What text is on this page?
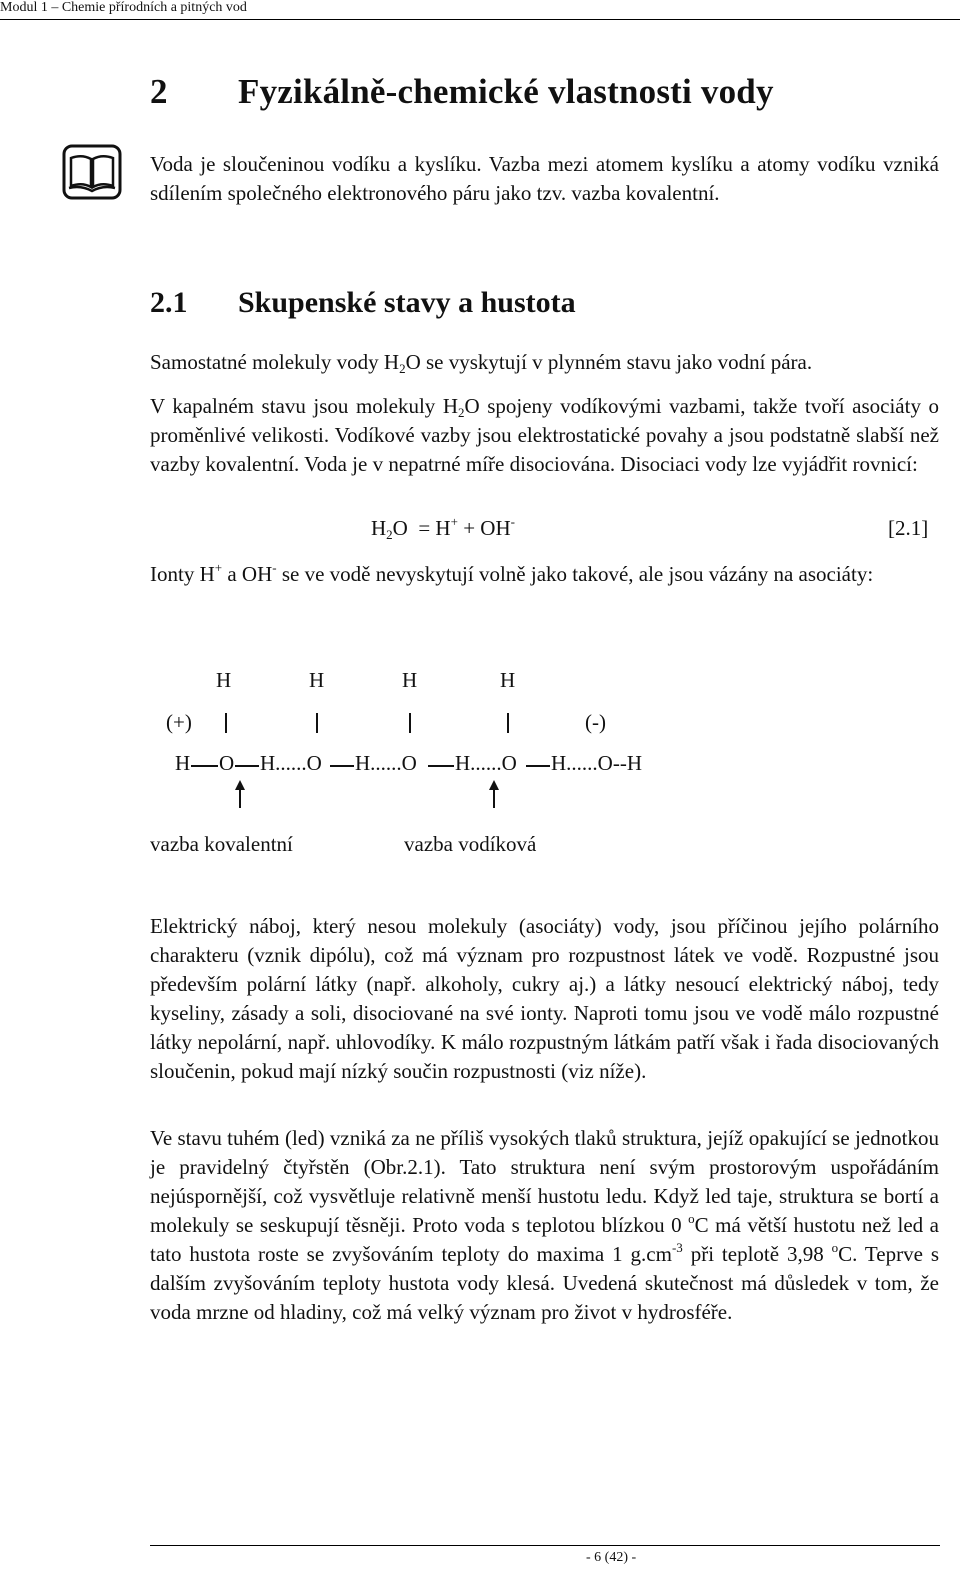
Modul 1 – Chemie přírodních a pitných vod
2 Fyzikálně-chemické vlastnosti vody
Voda je sloučeninou vodíku a kyslíku. Vazba mezi atomem kyslíku a atomy vodíku vzniká sdílením společného elektronového páru jako tzv. vazba kovalentní.
2.1 Skupenské stavy a hustota
Samostatné molekuly vody $H_2O$ se vyskytují v plynném stavu jako vodní pára.
V kapalném stavu jsou molekuly $H_2O$ spojeny vodíkovými vazbami, takže tvoří asociáty o proměnlivé velikosti. Vodíkové vazby jsou elektrostatické povahy a jsou podstatně slabší než vazby kovalentní. Voda je v nepatrné míře disociována. Disociaci vody lze vyjádřit rovnicí:
$H_2O = H^+ + OH^-$	[2.1]
Ionty H+ a OH- se ve vodě nevyskytují volně jako takové, ale jsou vázány na asociáty:
H	H	H	H
(+)	(-)
H O H......O H......O H......O H......O--H
vazba kovalentní	vazba vodíková
Elektrický náboj, který nesou molekuly (asociáty) vody, jsou příčinou jejího polárního charakteru (vznik dipólu), což má význam pro rozpustnost látek ve vodě. Rozpustné jsou především polární látky (např. alkoholy, cukry aj.) a látky nesoucí elektrický náboj, tedy kyseliny, zásady a soli, disociované na své ionty. Naproti tomu jsou ve vodě málo rozpustné látky nepolární, např. uhlovodíky. K málo rozpustným látkám patří však i řada disociovaných sloučenin, pokud mají nízký součin rozpustnosti (viz níže).
Ve stavu tuhém (led) vzniká za ne příliš vysokých tlaků struktura, jejíž opakující se jednotkou je pravidelný čtyřstěn (Obr.2.1). Tato struktura není svým prostorovým uspořádáním nejúspornější, což vysvětluje relativně menší hustotu ledu. Když led taje, struktura se bortí a molekuly se seskupují těsněji. Proto voda s teplotou blízkou 0 $^o$C má větší hustotu než led a tato hustota roste se zvyšováním teploty do maxima 1 $g.cm^{-3}$ při teplotě 3,98 $^o$C. Teprve s dalším zvyšováním teploty hustota vody klesá. Uvedená skutečnost má důsledek v tom, že voda mrzne od hladiny, což má velký význam pro život v hydrosféře.
- 6 (42) -
